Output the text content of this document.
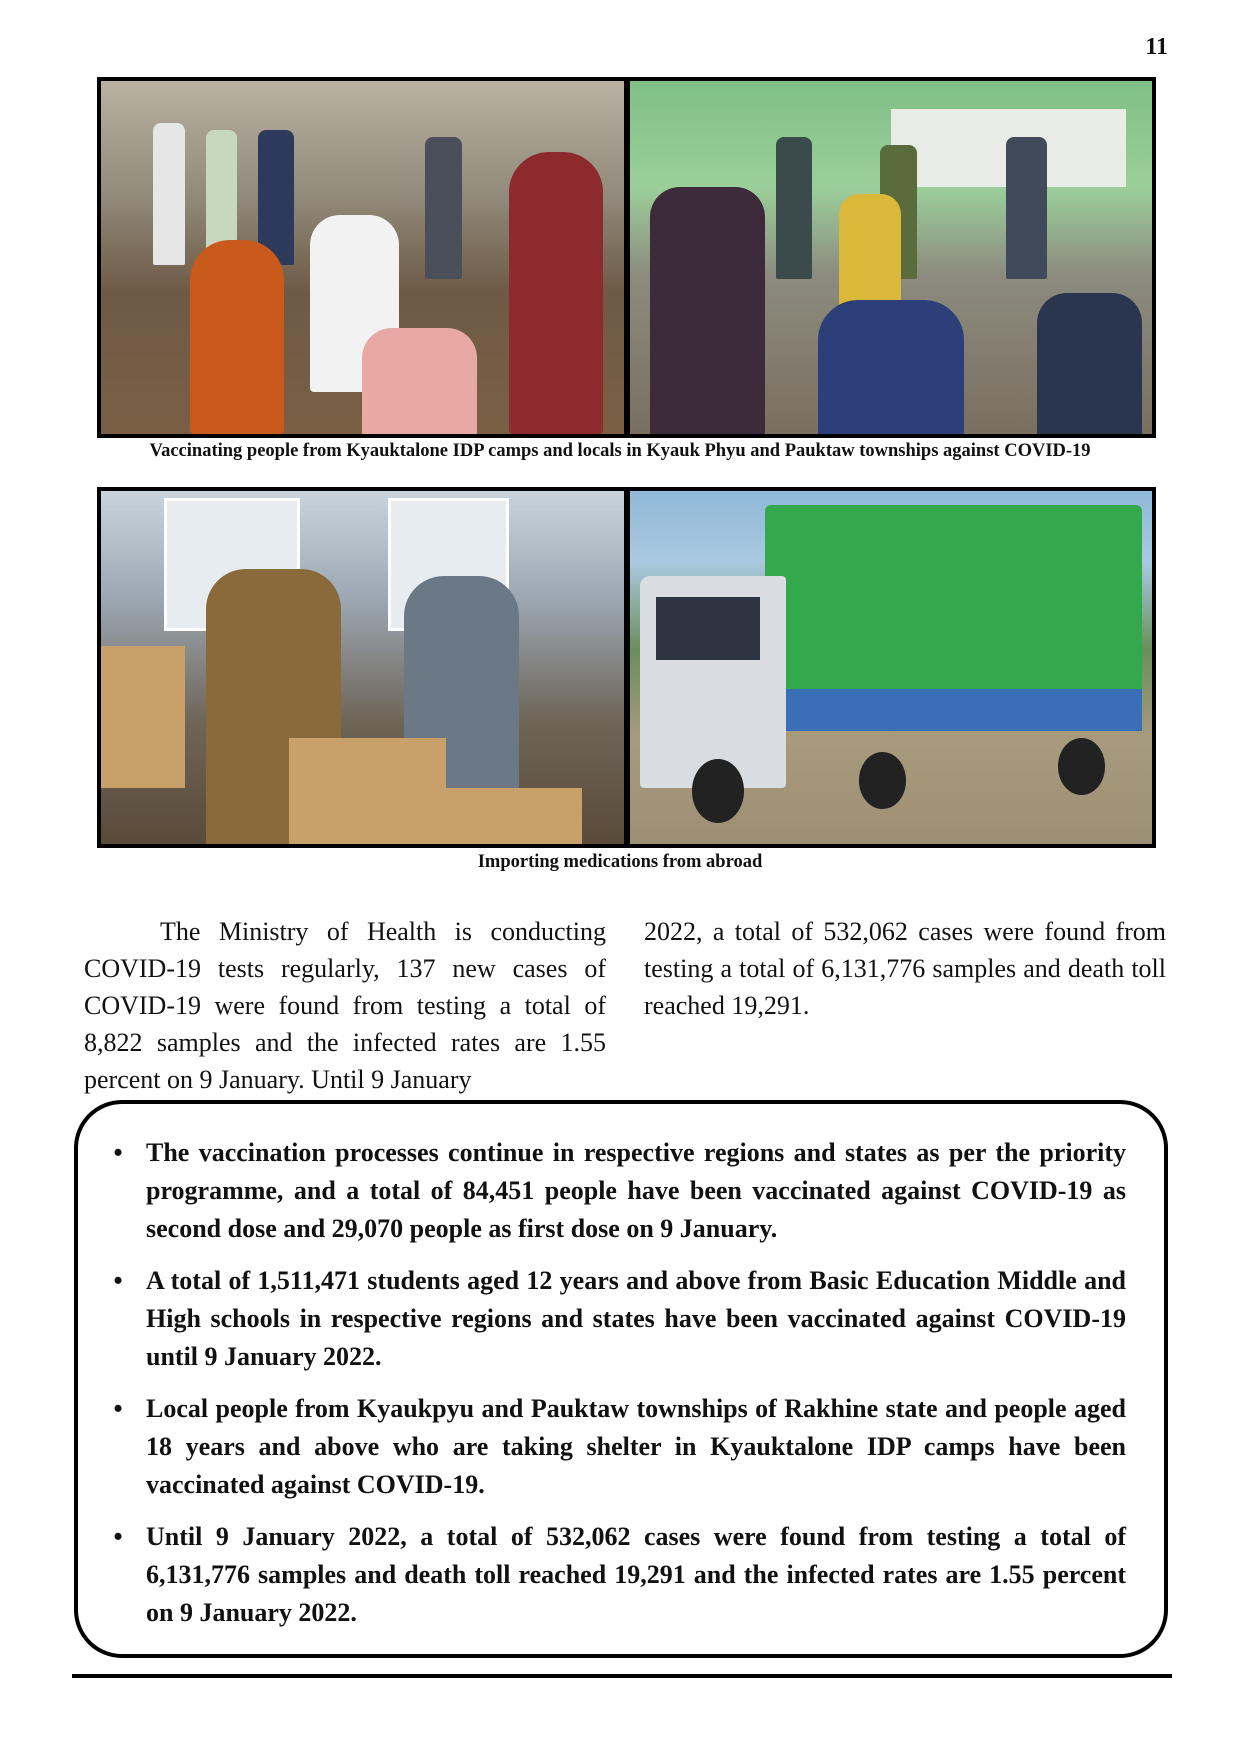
11
Vaccinating people from Kyauktalone IDP camps and locals in Kyauk Phyu and Pauktaw townships against COVID-19
Importing medications from abroad

The Ministry of Health is conducting COVID-19 tests regularly, 137 new cases of COVID-19 were found from testing a total of 8,822 samples and the infected rates are 1.55 percent on 9 January. Until 9 January

2022, a total of 532,062 cases were found from testing a total of 6,131,776 samples and death toll reached 19,291.

• The vaccination processes continue in respective regions and states as per the priority programme, and a total of 84,451 people have been vaccinated against COVID-19 as second dose and 29,070 people as first dose on 9 January.
• A total of 1,511,471 students aged 12 years and above from Basic Education Middle and High schools in respective regions and states have been vaccinated against COVID-19 until 9 January 2022.
• Local people from Kyaukpyu and Pauktaw townships of Rakhine state and people aged 18 years and above who are taking shelter in Kyauktalone IDP camps have been vaccinated against COVID-19.
• Until 9 January 2022, a total of 532,062 cases were found from testing a total of 6,131,776 samples and death toll reached 19,291 and the infected rates are 1.55 percent on 9 January 2022.
